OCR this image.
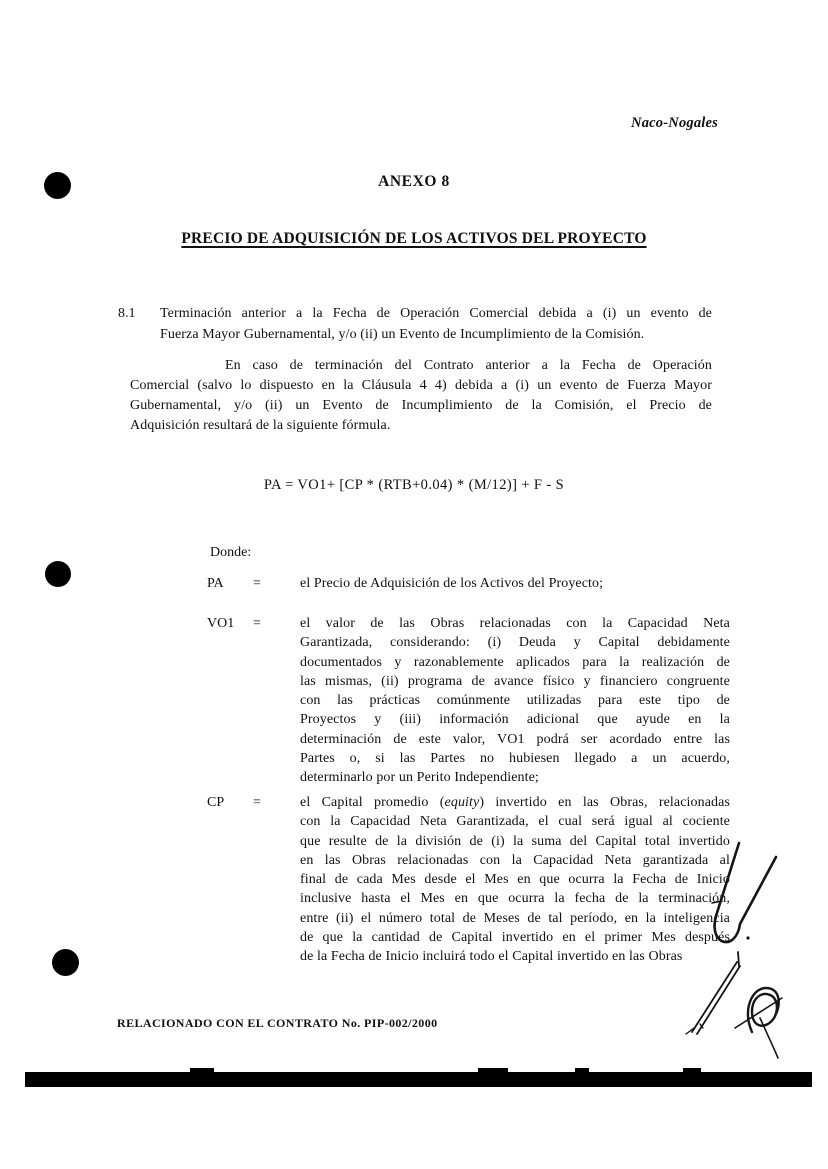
Naco-Nogales
ANEXO 8
PRECIO DE ADQUISICIÓN DE LOS ACTIVOS DEL PROYECTO
8.1 Terminación anterior a la Fecha de Operación Comercial debida a (i) un evento de
Fuerza Mayor Gubernamental, y/o (ii) un Evento de Incumplimiento de la Comisión.
En caso de terminación del Contrato anterior a la Fecha de Operación
Comercial (salvo lo dispuesto en la Cláusula 4 4) debida a (i) un evento de Fuerza Mayor
Gubernamental, y/o (ii) un Evento de Incumplimiento de la Comisión, el Precio de
Adquisición resultará de la siguiente fórmula.
PA = VO1+ [CP * (RTB+0.04) * (M/12)] + F - S
Donde:
PA =	el Precio de Adquisición de los Activos del Proyecto;
VO1 =	el valor de las Obras relacionadas con la Capacidad Neta
Garantizada, considerando: (i) Deuda y Capital debidamente
documentados y razonablemente aplicados para la realización de
las mismas, (ii) programa de avance físico y financiero congruente
con las prácticas comúnmente utilizadas para este tipo de
Proyectos y (iii) información adicional que ayude en la
determinación de este valor, VO1 podrá ser acordado entre las
Partes o, si las Partes no hubiesen llegado a un acuerdo,
determinarlo por un Perito Independiente;
CP =	el Capital promedio (equity) invertido en las Obras, relacionadas
con la Capacidad Neta Garantizada, el cual será igual al cociente
que resulte de la división de (i) la suma del Capital total invertido
en las Obras relacionadas con la Capacidad Neta garantizada al
final de cada Mes desde el Mes en que ocurra la Fecha de Inicio
inclusive hasta el Mes en que ocurra la fecha de la terminación,
entre (ii) el número total de Meses de tal período, en la inteligencia
de que la cantidad de Capital invertido en el primer Mes después
de la Fecha de Inicio incluirá todo el Capital invertido en las Obras
RELACIONADO CON EL CONTRATO No. PIP-002/2000
